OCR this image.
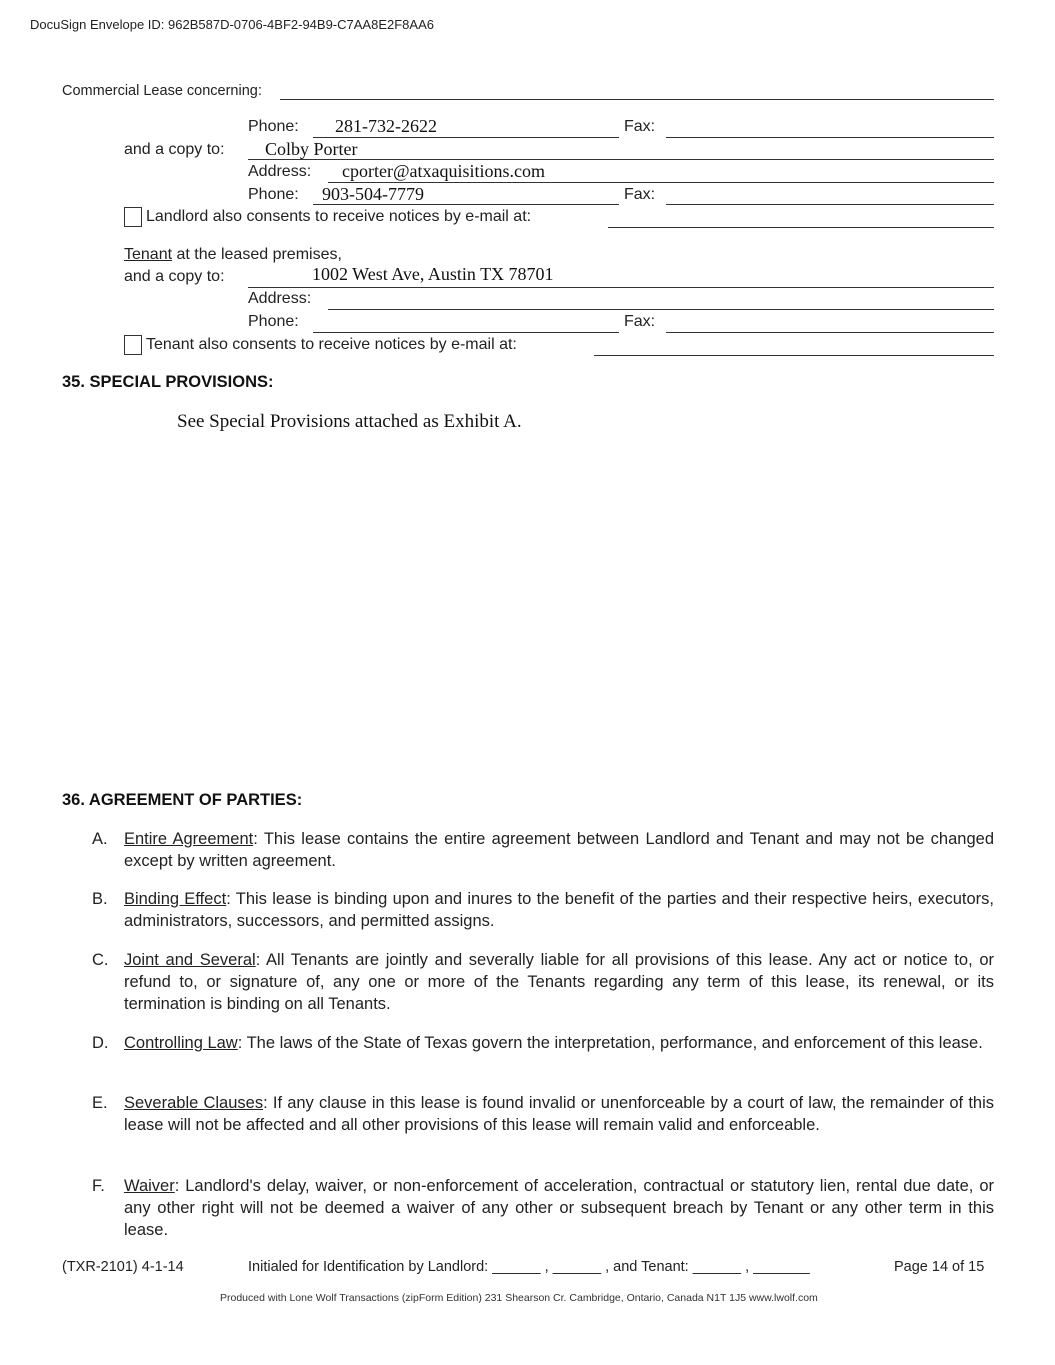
DocuSign Envelope ID: 962B587D-0706-4BF2-94B9-C7AA8E2F8AA6
Commercial Lease concerning:
Phone: 281-732-2622	Fax:
and a copy to: Colby Porter
Address: cporter@atxaquisitions.com
Phone: 903-504-7779	Fax:
Landlord also consents to receive notices by e-mail at:
Tenant at the leased premises,
and a copy to:	1002 West Ave, Austin TX 78701
Address:
Phone:	Fax:
Tenant also consents to receive notices by e-mail at:
35. SPECIAL PROVISIONS:
See Special Provisions attached as Exhibit A.
36. AGREEMENT OF PARTIES:
A. Entire Agreement: This lease contains the entire agreement between Landlord and Tenant and may not be changed except by written agreement.
B. Binding Effect: This lease is binding upon and inures to the benefit of the parties and their respective heirs, executors, administrators, successors, and permitted assigns.
C. Joint and Several: All Tenants are jointly and severally liable for all provisions of this lease. Any act or notice to, or refund to, or signature of, any one or more of the Tenants regarding any term of this lease, its renewal, or its termination is binding on all Tenants.
D. Controlling Law: The laws of the State of Texas govern the interpretation, performance, and enforcement of this lease.
E. Severable Clauses: If any clause in this lease is found invalid or unenforceable by a court of law, the remainder of this lease will not be affected and all other provisions of this lease will remain valid and enforceable.
F. Waiver: Landlord's delay, waiver, or non-enforcement of acceleration, contractual or statutory lien, rental due date, or any other right will not be deemed a waiver of any other or subsequent breach by Tenant or any other term in this lease.
(TXR-2101) 4-1-14	Initialed for Identification by Landlord: ______ , ______ , and Tenant: ______ , _______	Page 14 of 15
Produced with Lone Wolf Transactions (zipForm Edition) 231 Shearson Cr. Cambridge, Ontario, Canada N1T 1J5 www.lwolf.com
